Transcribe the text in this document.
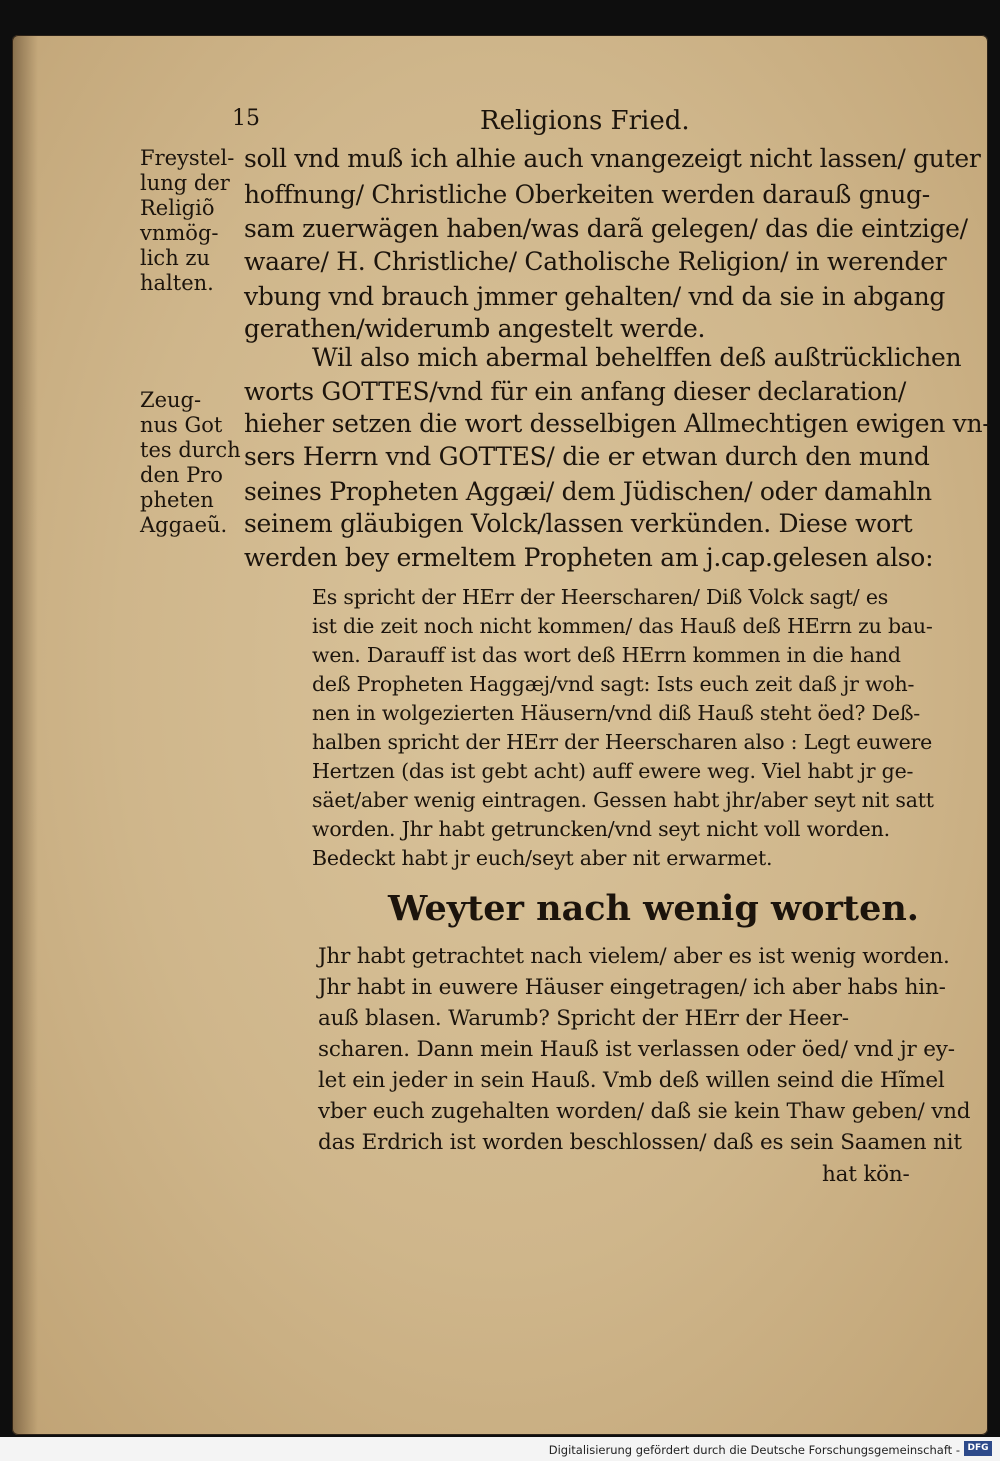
15	Religions Fried.
Freystel-
lung der
Religiõ
vnmög-
lich zu
halten.
Zeug-
nus Got
tes durch
den Pro
pheten
Aggaeũ.
soll vnd muß ich alhie auch vnangezeigt nicht lassen/ guter
hoffnung/ Christliche Oberkeiten werden darauß gnug-
sam zuerwägen haben/was darã gelegen/ das die eintzige/
waare/ H. Christliche/ Catholische Religion/ in werender
vbung vnd brauch jmmer gehalten/ vnd da sie in abgang
gerathen/widerumb angestelt werde.
Wil also mich abermal behelffen deß außtrücklichen
worts GOTTES/vnd für ein anfang dieser declaration/
hieher setzen die wort desselbigen Allmechtigen ewigen vn-
sers Herrn vnd GOTTES/ die er etwan durch den mund
seines Propheten Aggæi/ dem Jüdischen/ oder damahln
seinem gläubigen Volck/lassen verkünden. Diese wort
werden bey ermeltem Propheten am j.cap.gelesen also:
Es spricht der HErr der Heerscharen/ Diß Volck sagt/ es
ist die zeit noch nicht kommen/ das Hauß deß HErrn zu bau-
wen. Darauff ist das wort deß HErrn kommen in die hand
deß Propheten Haggæj/vnd sagt: Ists euch zeit daß jr woh-
nen in wolgezierten Häusern/vnd diß Hauß steht öed? Deß-
halben spricht der HErr der Heerscharen also : Legt euwere
Hertzen (das ist gebt acht) auff ewere weg. Viel habt jr ge-
säet/aber wenig eintragen. Gessen habt jhr/aber seyt nit satt
worden. Jhr habt getruncken/vnd seyt nicht voll worden.
Bedeckt habt jr euch/seyt aber nit erwarmet.
Weyter nach wenig worten.
Jhr habt getrachtet nach vielem/ aber es ist wenig worden.
Jhr habt in euwere Häuser eingetragen/ ich aber habs hin-
auß blasen. Warumb? Spricht der HErr der Heer-
scharen. Dann mein Hauß ist verlassen oder öed/ vnd jr ey-
let ein jeder in sein Hauß. Vmb deß willen seind die Hĩmel
vber euch zugehalten worden/ daß sie kein Thaw geben/ vnd
das Erdrich ist worden beschlossen/ daß es sein Saamen nit
hat kön-
Digitalisierung gefördert durch die Deutsche Forschungsgemeinschaft - DFG
